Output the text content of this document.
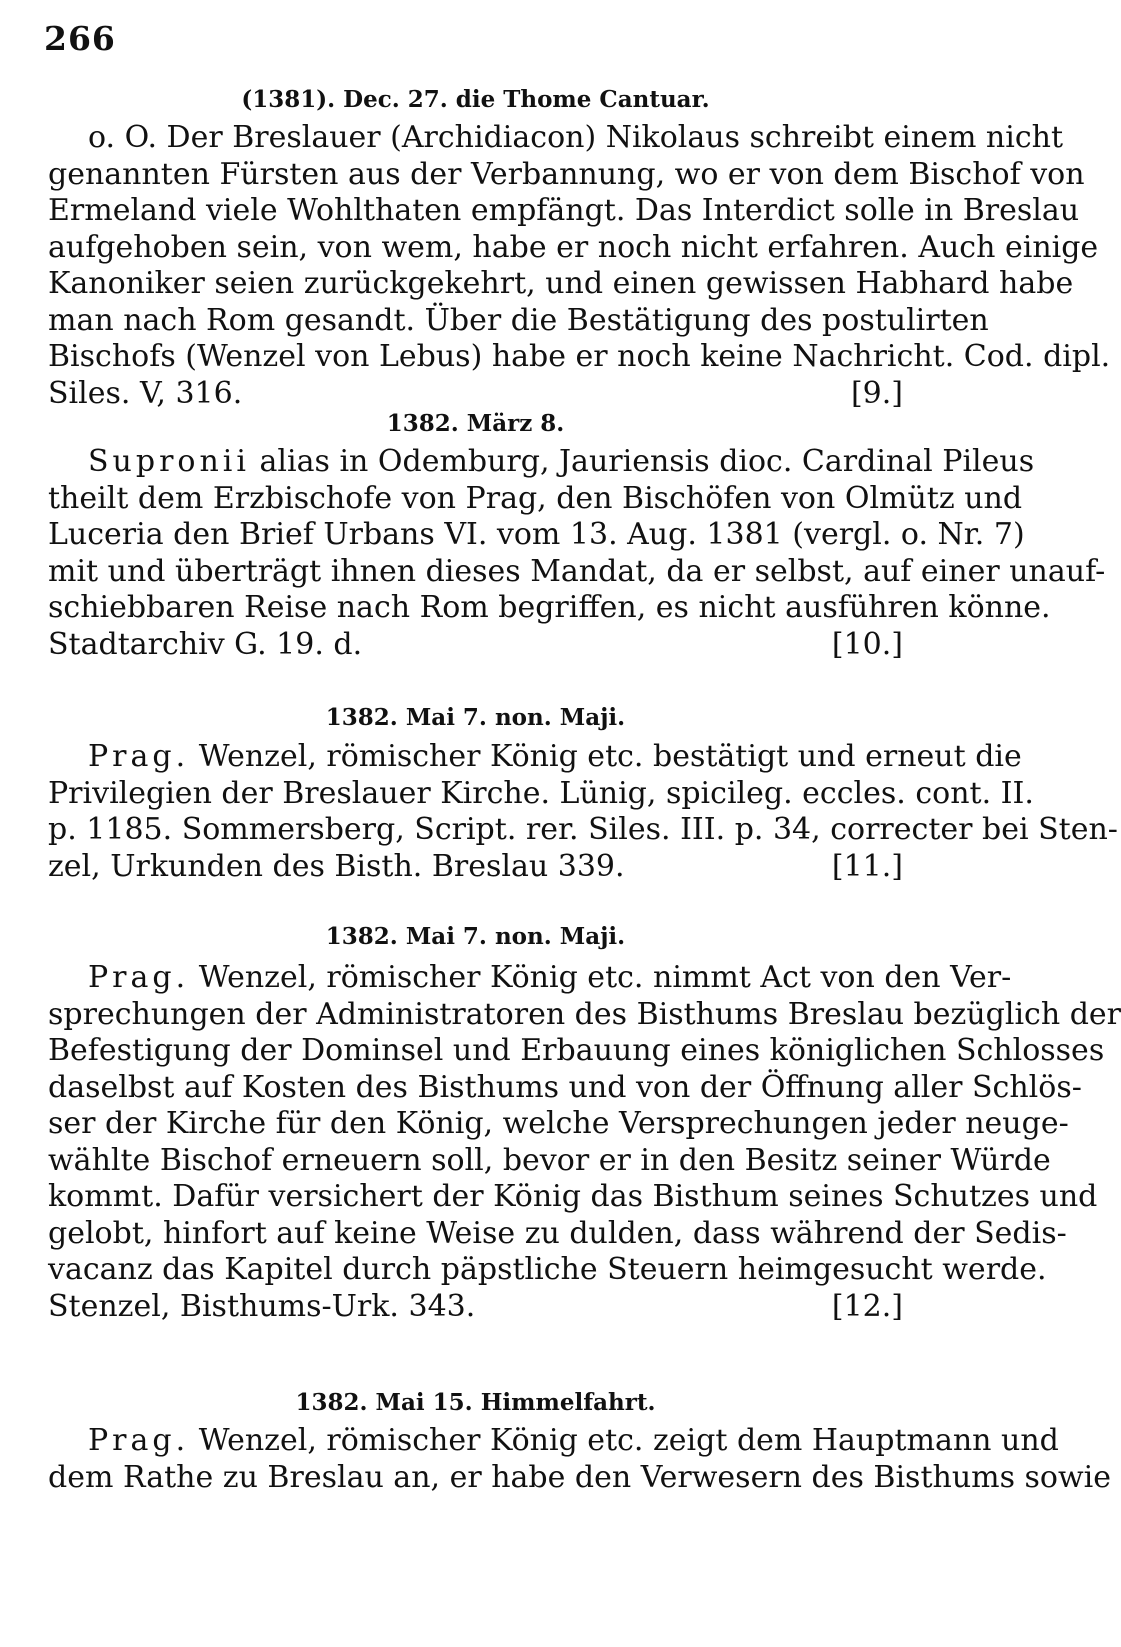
266
(1381). Dec. 27. die Thome Cantuar.
o. O. Der Breslauer (Archidiacon) Nikolaus schreibt einem nicht
genannten Fürsten aus der Verbannung, wo er von dem Bischof von
Ermeland viele Wohlthaten empfängt. Das Interdict solle in Breslau
aufgehoben sein, von wem, habe er noch nicht erfahren. Auch einige
Kanoniker seien zurückgekehrt, und einen gewissen Habhard habe
man nach Rom gesandt. Über die Bestätigung des postulirten
Bischofs (Wenzel von Lebus) habe er noch keine Nachricht. Cod. dipl.
Siles. V, 316.	[9.]
1382. März 8.
Supronii alias in Odemburg, Jauriensis dioc. Cardinal Pileus
theilt dem Erzbischofe von Prag, den Bischöfen von Olmütz und
Luceria den Brief Urbans VI. vom 13. Aug. 1381 (vergl. o. Nr. 7)
mit und überträgt ihnen dieses Mandat, da er selbst, auf einer unauf-
schiebbaren Reise nach Rom begriffen, es nicht ausführen könne.
Stadtarchiv G. 19. d.	[10.]
1382. Mai 7. non. Maji.
Prag. Wenzel, römischer König etc. bestätigt und erneut die
Privilegien der Breslauer Kirche. Lünig, spicileg. eccles. cont. II.
p. 1185. Sommersberg, Script. rer. Siles. III. p. 34, correcter bei Sten-
zel, Urkunden des Bisth. Breslau 339.	[11.]
1382. Mai 7. non. Maji.
Prag. Wenzel, römischer König etc. nimmt Act von den Ver-
sprechungen der Administratoren des Bisthums Breslau bezüglich der
Befestigung der Dominsel und Erbauung eines königlichen Schlosses
daselbst auf Kosten des Bisthums und von der Öffnung aller Schlös-
ser der Kirche für den König, welche Versprechungen jeder neuge-
wählte Bischof erneuern soll, bevor er in den Besitz seiner Würde
kommt. Dafür versichert der König das Bisthum seines Schutzes und
gelobt, hinfort auf keine Weise zu dulden, dass während der Sedis-
vacanz das Kapitel durch päpstliche Steuern heimgesucht werde.
Stenzel, Bisthums-Urk. 343.	[12.]
1382. Mai 15. Himmelfahrt.
Prag. Wenzel, römischer König etc. zeigt dem Hauptmann und
dem Rathe zu Breslau an, er habe den Verwesern des Bisthums sowie
